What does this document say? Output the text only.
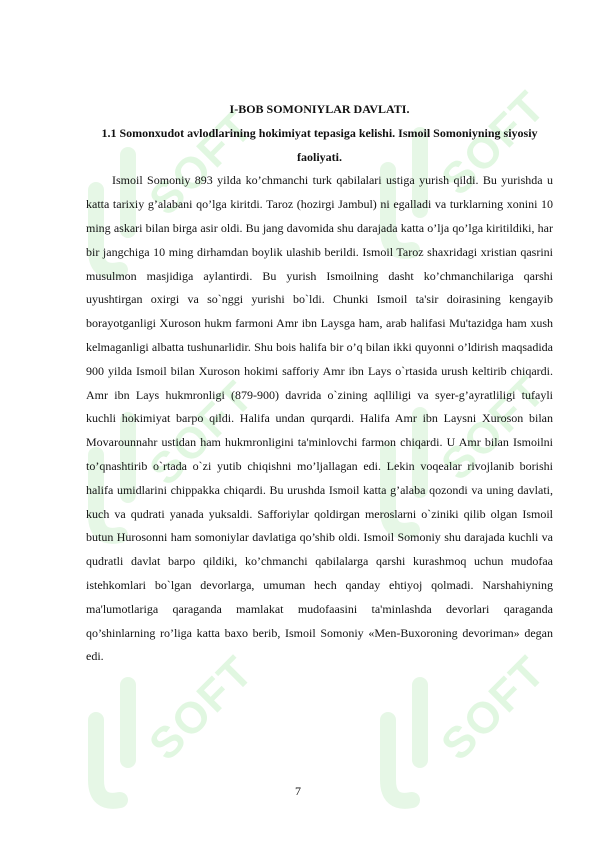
SOFT
SOFT
SOFT
SOFT
SOFT
SOFT

I-BOB SOMONIYLAR DAVLATI.

1.1 Somonxudot avlodlarining hokimiyat tepasiga kelishi. Ismoil Somoniyning siyosiy faoliyati.

Ismoil Somoniy 893 yilda ko’chmanchi turk qabilalari ustiga yurish qildi. Bu yurishda u katta tarixiy g’alabani qo’lga kiritdi. Taroz (hozirgi Jambul) ni egalladi va turklarning xonini 10 ming askari bilan birga asir oldi. Bu jang davomida shu darajada katta o’lja qo’lga kiritildiki, har bir jangchiga 10 ming dirhamdan boylik ulashib berildi. Ismoil Taroz shaxridagi xristian qasrini musulmon masjidiga aylantirdi. Bu yurish Ismoilning dasht ko’chmanchilariga qarshi uyushtirgan oxirgi va so`nggi yurishi bo`ldi. Chunki Ismoil ta'sir doirasining kengayib borayotganligi Xuroson hukm farmoni Amr ibn Laysga ham, arab halifasi Mu'tazidga ham xush kelmaganligi albatta tushunarlidir. Shu bois halifa bir o’q bilan ikki quyonni o’ldirish maqsadida 900 yilda Ismoil bilan Xuroson hokimi safforiy Amr ibn Lays o`rtasida urush keltirib chiqardi. Amr ibn Lays hukmronligi (879-900) davrida o`zining aqlliligi va syer-g’ayratliligi tufayli kuchli hokimiyat barpo qildi. Halifa undan qurqardi. Halifa Amr ibn Laysni Xuroson bilan Movarounnahr ustidan ham hukmronligini ta'minlovchi farmon chiqardi. U Amr bilan Ismoilni to’qnashtirib o`rtada o`zi yutib chiqishni mo’ljallagan edi. Lekin voqealar rivojlanib borishi halifa umidlarini chippakka chiqardi. Bu urushda Ismoil katta g’alaba qozondi va uning davlati, kuch va qudrati yanada yuksaldi. Safforiylar qoldirgan meroslarni o`ziniki qilib olgan Ismoil butun Hurosonni ham somoniylar davlatiga qo’shib oldi. Ismoil Somoniy shu darajada kuchli va qudratli davlat barpo qildiki, ko’chmanchi qabilalarga qarshi kurashmoq uchun mudofaa istehkomlari bo`lgan devorlarga, umuman hech qanday ehtiyoj qolmadi. Narshahiyning ma'lumotlariga qaraganda mamlakat mudofaasini ta'minlashda devorlari qaraganda qo’shinlarning ro’liga katta baxo berib, Ismoil Somoniy «Men-Buxoroning devoriman» degan edi.

7
